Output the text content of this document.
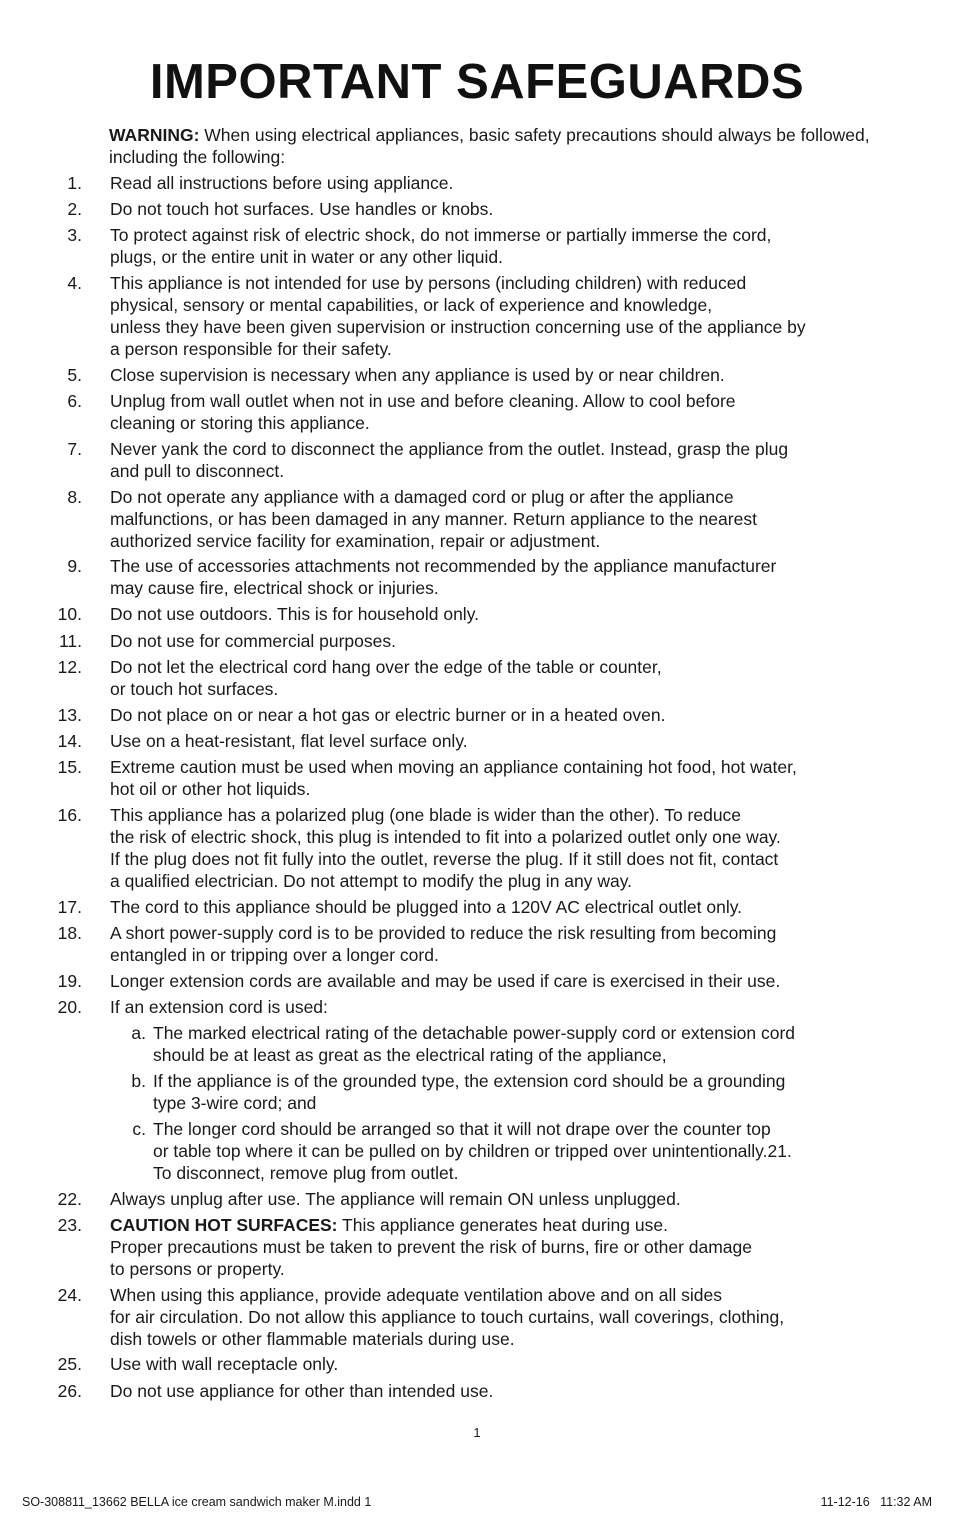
IMPORTANT SAFEGUARDS
WARNING: When using electrical appliances, basic safety precautions should always be followed, including the following:
1. Read all instructions before using appliance.
2. Do not touch hot surfaces. Use handles or knobs.
3. To protect against risk of electric shock, do not immerse or partially immerse the cord,
plugs, or the entire unit in water or any other liquid.
4. This appliance is not intended for use by persons (including children) with reduced
physical, sensory or mental capabilities, or lack of experience and knowledge,
unless they have been given supervision or instruction concerning use of the appliance by
a person responsible for their safety.
5. Close supervision is necessary when any appliance is used by or near children.
6. Unplug from wall outlet when not in use and before cleaning. Allow to cool before
cleaning or storing this appliance.
7. Never yank the cord to disconnect the appliance from the outlet. Instead, grasp the plug
and pull to disconnect.
8. Do not operate any appliance with a damaged cord or plug or after the appliance
malfunctions, or has been damaged in any manner. Return appliance to the nearest
authorized service facility for examination, repair or adjustment.
9. The use of accessories attachments not recommended by the appliance manufacturer
may cause fire, electrical shock or injuries.
10. Do not use outdoors. This is for household only.
11. Do not use for commercial purposes.
12. Do not let the electrical cord hang over the edge of the table or counter,
or touch hot surfaces.
13. Do not place on or near a hot gas or electric burner or in a heated oven.
14. Use on a heat-resistant, flat level surface only.
15. Extreme caution must be used when moving an appliance containing hot food, hot water,
hot oil or other hot liquids.
16. This appliance has a polarized plug (one blade is wider than the other). To reduce
the risk of electric shock, this plug is intended to fit into a polarized outlet only one way.
If the plug does not fit fully into the outlet, reverse the plug. If it still does not fit, contact
a qualified electrician. Do not attempt to modify the plug in any way.
17. The cord to this appliance should be plugged into a 120V AC electrical outlet only.
18. A short power-supply cord is to be provided to reduce the risk resulting from becoming
entangled in or tripping over a longer cord.
19. Longer extension cords are available and may be used if care is exercised in their use.
20. If an extension cord is used:
a. The marked electrical rating of the detachable power-supply cord or extension cord
should be at least as great as the electrical rating of the appliance,
b. If the appliance is of the grounded type, the extension cord should be a grounding
type 3-wire cord; and
c. The longer cord should be arranged so that it will not drape over the counter top
or table top where it can be pulled on by children or tripped over unintentionally.21.
To disconnect, remove plug from outlet.
22. Always unplug after use. The appliance will remain ON unless unplugged.
23. CAUTION HOT SURFACES: This appliance generates heat during use.
Proper precautions must be taken to prevent the risk of burns, fire or other damage
to persons or property.
24. When using this appliance, provide adequate ventilation above and on all sides
for air circulation. Do not allow this appliance to touch curtains, wall coverings, clothing,
dish towels or other flammable materials during use.
25. Use with wall receptacle only.
26. Do not use appliance for other than intended use.
1
SO-308811_13662 BELLA ice cream sandwich maker M.indd 1	11-12-16   11:32 AM
